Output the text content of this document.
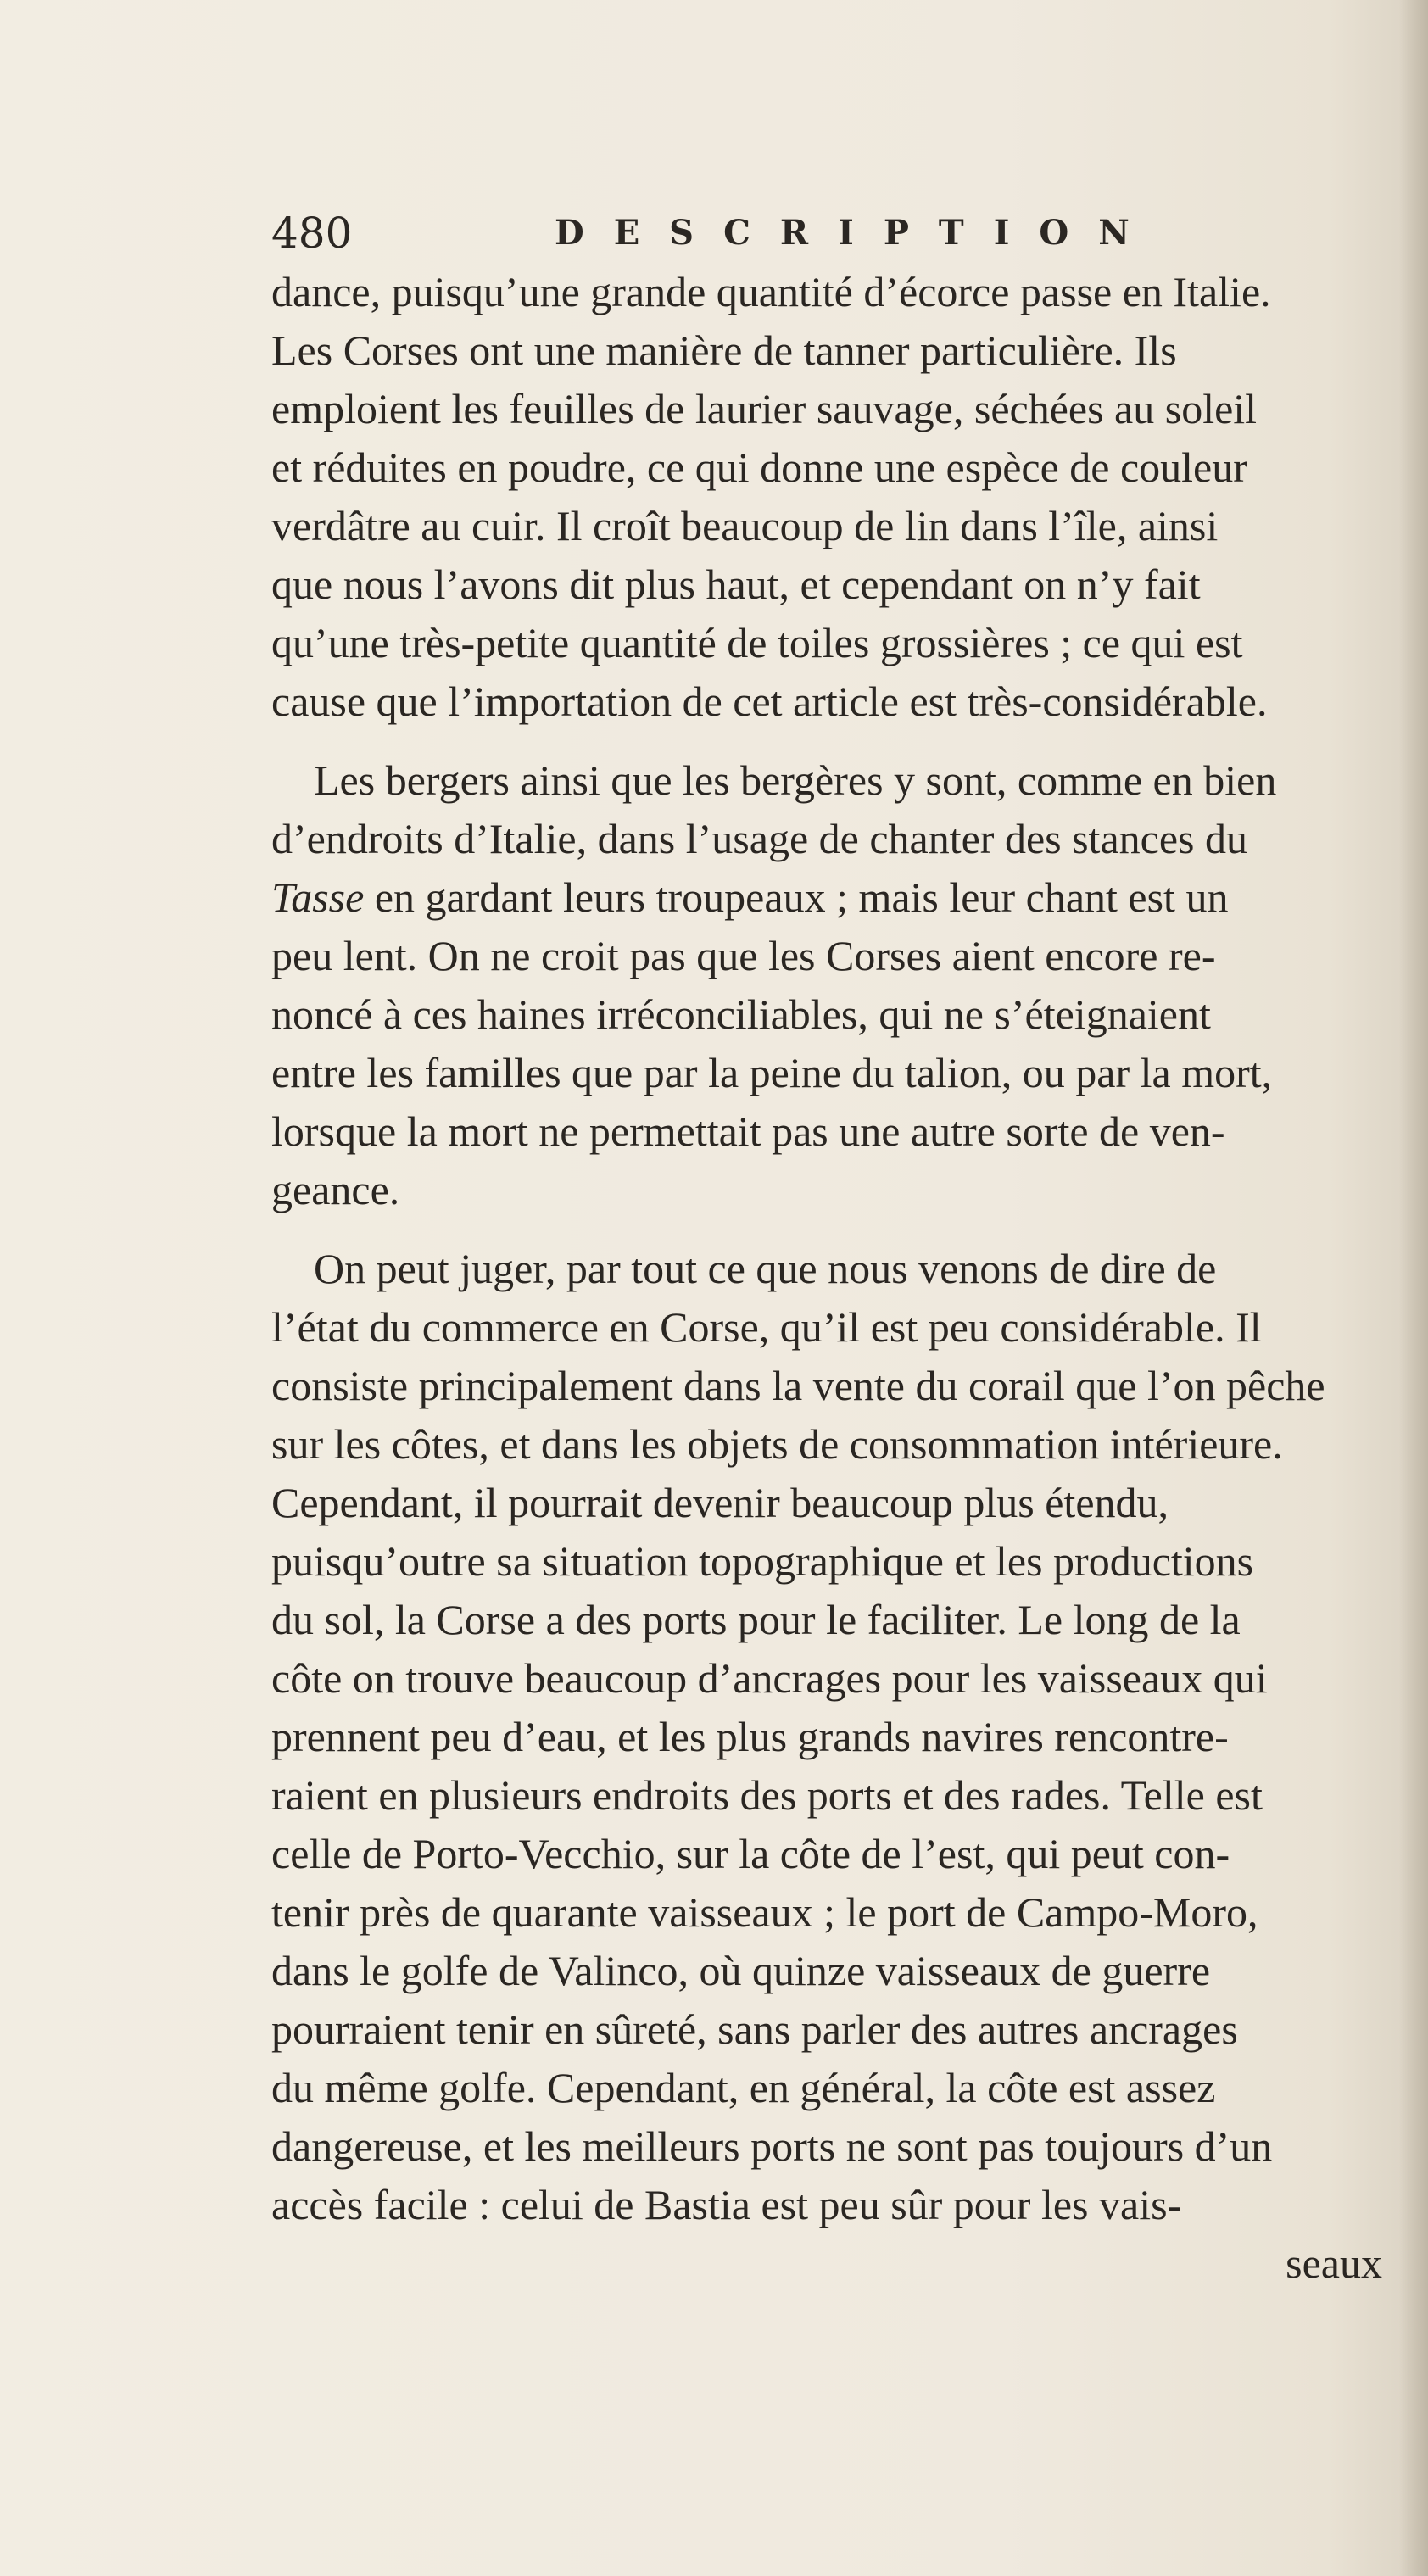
480	DESCRIPTION

dance, puisqu’une grande quantité d’écorce passe en Italie.
Les Corses ont une manière de tanner particulière. Ils
emploient les feuilles de laurier sauvage, séchées au soleil
et réduites en poudre, ce qui donne une espèce de couleur
verdâtre au cuir. Il croît beaucoup de lin dans l’île, ainsi
que nous l’avons dit plus haut, et cependant on n’y fait
qu’une très-petite quantité de toiles grossières ; ce qui est
cause que l’importation de cet article est très-considérable.

Les bergers ainsi que les bergères y sont, comme en bien
d’endroits d’Italie, dans l’usage de chanter des stances du
Tasse en gardant leurs troupeaux ; mais leur chant est un
peu lent. On ne croit pas que les Corses aient encore re-
noncé à ces haines irréconciliables, qui ne s’éteignaient
entre les familles que par la peine du talion, ou par la mort,
lorsque la mort ne permettait pas une autre sorte de ven-
geance.

On peut juger, par tout ce que nous venons de dire de
l’état du commerce en Corse, qu’il est peu considérable. Il
consiste principalement dans la vente du corail que l’on pêche
sur les côtes, et dans les objets de consommation intérieure.
Cependant, il pourrait devenir beaucoup plus étendu,
puisqu’outre sa situation topographique et les productions
du sol, la Corse a des ports pour le faciliter. Le long de la
côte on trouve beaucoup d’ancrages pour les vaisseaux qui
prennent peu d’eau, et les plus grands navires rencontre-
raient en plusieurs endroits des ports et des rades. Telle est
celle de Porto-Vecchio, sur la côte de l’est, qui peut con-
tenir près de quarante vaisseaux ; le port de Campo-Moro,
dans le golfe de Valinco, où quinze vaisseaux de guerre
pourraient tenir en sûreté, sans parler des autres ancrages
du même golfe. Cependant, en général, la côte est assez
dangereuse, et les meilleurs ports ne sont pas toujours d’un
accès facile : celui de Bastia est peu sûr pour les vais-

seaux
